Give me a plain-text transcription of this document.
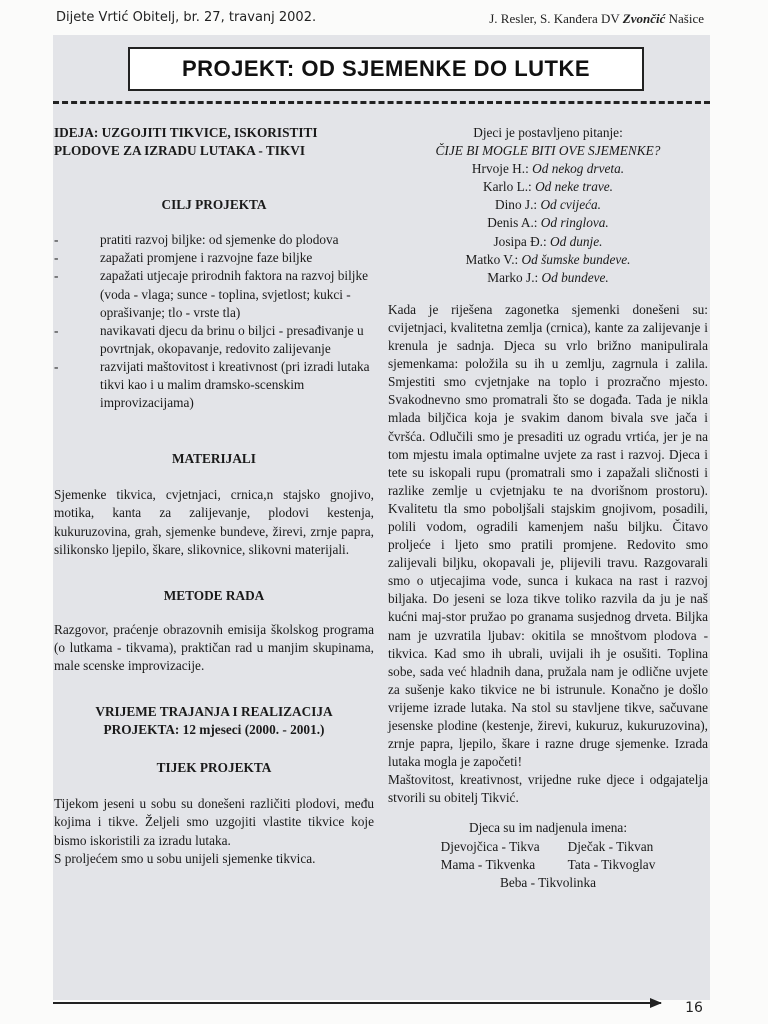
Dijete Vrtić Obitelj, br. 27, travanj 2002.	J. Resler, S. Kanđera DV Zvončić Našice
PROJEKT: OD SJEMENKE DO LUTKE

IDEJA: UZGOJITI TIKVICE, ISKORISTITI PLODOVE ZA IZRADU LUTAKA - TIKVI

CILJ PROJEKTA

- pratiti razvoj biljke: od sjemenke do plodova
- zapažati promjene i razvojne faze biljke
- zapažati utjecaje prirodnih faktora na razvoj biljke (voda - vlaga; sunce - toplina, svjetlost; kukci - oprašivanje; tlo - vrste tla)
- navikavati djecu da brinu o biljci - presađivanje u povrtnjak, okopavanje, redovito zalijevanje
- razvijati maštovitost i kreativnost (pri izradi lutaka tikvi kao i u malim dramsko-scenskim improvizacijama)

MATERIJALI

Sjemenke tikvica, cvjetnjaci, crnica,n stajsko gnojivo, motika, kanta za zalijevanje, plodovi kestenja, kukuruzovina, grah, sjemenke bundeve, žirevi, zrnje papra, silikonsko ljepilo, škare, slikovnice, slikovni materijali.

METODE RADA

Razgovor, praćenje obrazovnih emisija školskog programa (o lutkama - tikvama), praktičan rad u manjim skupinama, male scenske improvizacije.

VRIJEME TRAJANJA I REALIZACIJA

PROJEKTA: 12 mjeseci (2000. - 2001.)

TIJEK PROJEKTA

Tijekom jeseni u sobu su donešeni različiti plodovi, među kojima i tikve. Željeli smo uzgojiti vlastite tikvice koje bismo iskoristili za izradu lutaka.

S proljećem smo u sobu unijeli sjemenke tikvica.

Djeci je postavljeno pitanje:

ČIJE BI MOGLE BITI OVE SJEMENKE?

Hrvoje H.: Od nekog drveta.
Karlo L.: Od neke trave.
Dino J.: Od cvijeća.
Denis A.: Od ringlova.
Josipa Đ.: Od dunje.
Matko V.: Od šumske bundeve.
Marko J.: Od bundeve.

Kada je riješena zagonetka sjemenki donešeni su: cvijetnjaci, kvalitetna zemlja (crnica), kante za zalijevanje i krenula je sadnja. Djeca su vrlo brižno manipulirala sjemenkama: položila su ih u zemlju, zagrnula i zalila. Smjestiti smo cvjetnjake na toplo i prozračno mjesto. Svakodnevno smo promatrali što se događa. Tada je nikla mlada biljčica koja je svakim danom bivala sve jača i čvršća. Odlučili smo je presaditi uz ogradu vrtića, jer je na tom mjestu imala optimalne uvjete za rast i razvoj. Djeca i tete su iskopali rupu (promatrali smo i zapažali sličnosti i razlike zemlje u cvjetnjaku te na dvorišnom prostoru). Kvalitetu tla smo poboljšali stajskim gnojivom, posadili, polili vodom, ogradili kamenjem našu biljku. Čitavo proljeće i ljeto smo pratili promjene. Redovito smo zalijevali biljku, okopavali je, plijevili travu. Razgovarali smo o utjecajima vode, sunca i kukaca na rast i razvoj biljaka. Do jeseni se loza tikve toliko razvila da ju je naš kućni maj-stor pružao po granama susjednog drveta. Biljka nam je uzvratila ljubav: okitila se mnoštvom plodova - tikvica. Kad smo ih ubrali, uvijali ih je osušiti. Toplina sobe, sada već hladnih dana, pružala nam je odlične uvjete za sušenje kako tikvice ne bi istrunule. Konačno je došlo vrijeme izrade lutaka. Na stol su stavljene tikve, sačuvane jesenske plodine (kestenje, žirevi, kukuruz, kukuruzovina), zrnje papra, ljepilo, škare i razne druge sjemenke. Izrada lutaka mogla je započeti!

Maštovitost, kreativnost, vrijedne ruke djece i odgajatelja stvorili su obitelj Tikvić.

Djeca su im nadjenula imena:

Djevojčica - Tikva Dječak - Tikvan
Mama - Tikvenka	Tata - Tikvoglav

Beba - Tikvolinka

16
